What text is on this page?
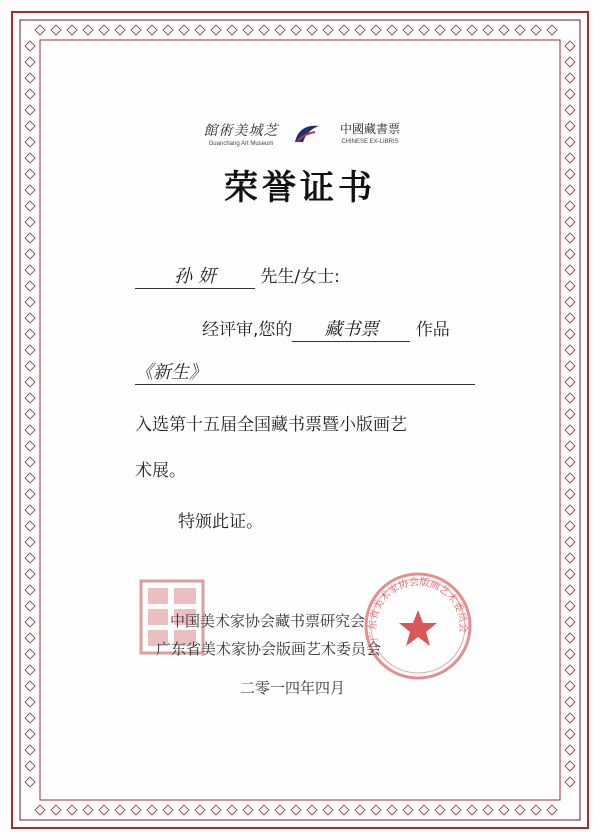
館術美城芝
Guanchang Art Museum
中國藏書票
CHINESE EX-LIBRIS
荣誉证书
孙 妍	先生/女士:
经评审,您的 藏书票 作品
《新生》
入选第十五届全国藏书票暨小版画艺
术展。
特颁此证。
广东省美术家协会版画艺术委员会
中国美术家协会藏书票研究会
广东省美术家协会版画艺术委员会
二零一四年四月
